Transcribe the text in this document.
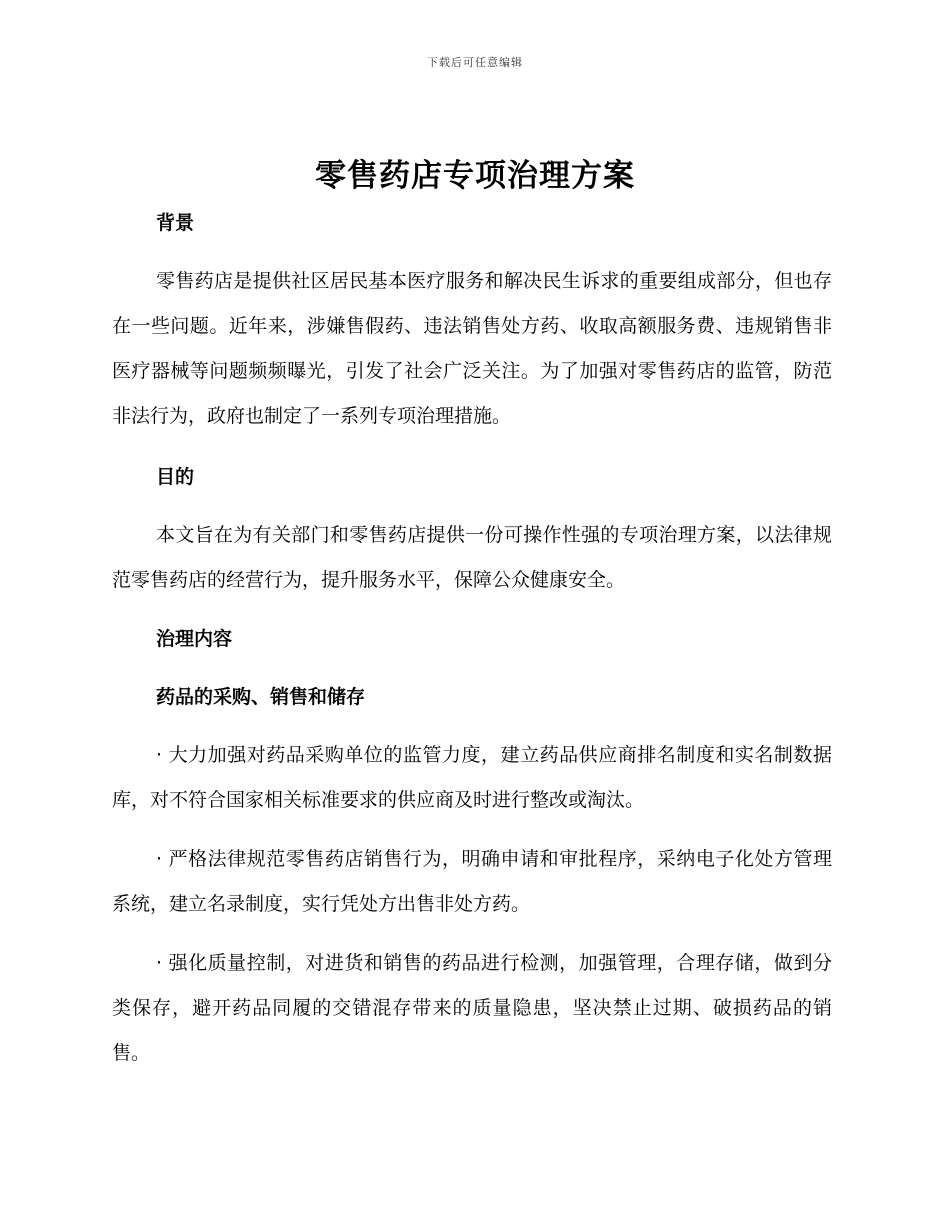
下载后可任意编辑
零售药店专项治理方案
背景

零售药店是提供社区居民基本医疗服务和解决民生诉求的重要组成部分，但也存在一些问题。近年来，涉嫌售假药、违法销售处方药、收取高额服务费、违规销售非医疗器械等问题频频曝光，引发了社会广泛关注。为了加强对零售药店的监管，防范非法行为，政府也制定了一系列专项治理措施。

目的

本文旨在为有关部门和零售药店提供一份可操作性强的专项治理方案，以法律规范零售药店的经营行为，提升服务水平，保障公众健康安全。

治理内容
药品的采购、销售和储存

· 大力加强对药品采购单位的监管力度，建立药品供应商排名制度和实名制数据库，对不符合国家相关标准要求的供应商及时进行整改或淘汰。

· 严格法律规范零售药店销售行为，明确申请和审批程序，采纳电子化处方管理系统，建立名录制度，实行凭处方出售非处方药。

· 强化质量控制，对进货和销售的药品进行检测，加强管理，合理存储，做到分类保存，避开药品同履的交错混存带来的质量隐患，坚决禁止过期、破损药品的销售。
